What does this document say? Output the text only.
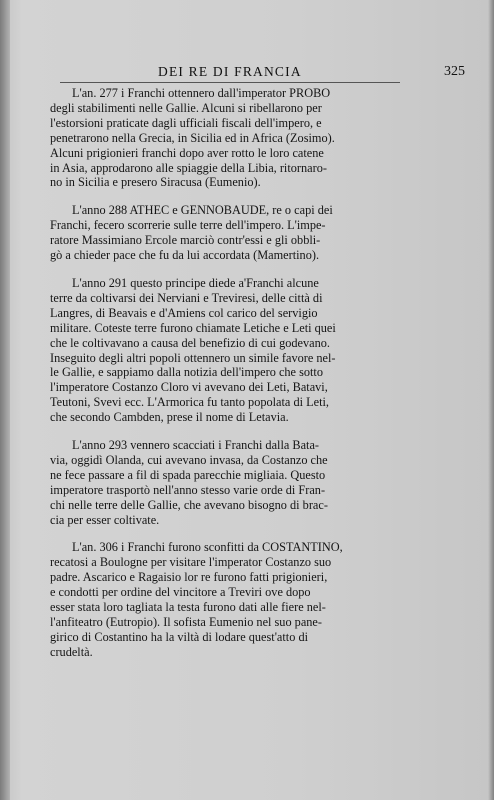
DEI RE DI FRANCIA	325
L'an. 277 i Franchi ottennero dall'imperator PROBO
degli stabilimenti nelle Gallie. Alcuni si ribellarono per
l'estorsioni praticate dagli ufficiali fiscali dell'impero, e
penetrarono nella Grecia, in Sicilia ed in Africa (Zosimo).
Alcuni prigionieri franchi dopo aver rotto le loro catene
in Asia, approdarono alle spiaggie della Libia, ritornaro-
no in Sicilia e presero Siracusa (Eumenio).
L'anno 288 ATHEC e GENNOBAUDE, re o capi dei
Franchi, fecero scorrerie sulle terre dell'impero. L'impe-
ratore Massimiano Ercole marciò contr'essi e gli obbli-
gò a chieder pace che fu da lui accordata (Mamertino).
L'anno 291 questo principe diede a'Franchi alcune
terre da coltivarsi dei Nerviani e Treviresi, delle città di
Langres, di Beavais e d'Amiens col carico del servigio
militare. Coteste terre furono chiamate Letiche e Leti quei
che le coltivavano a causa del benefizio di cui godevano.
Inseguito degli altri popoli ottennero un simile favore nel-
le Gallie, e sappiamo dalla notizia dell'impero che sotto
l'imperatore Costanzo Cloro vi avevano dei Leti, Batavi,
Teutoni, Svevi ecc. L'Armorica fu tanto popolata di Leti,
che secondo Cambden, prese il nome di Letavia.
L'anno 293 vennero scacciati i Franchi dalla Bata-
via, oggidì Olanda, cui avevano invasa, da Costanzo che
ne fece passare a fil di spada parecchie migliaia. Questo
imperatore trasportò nell'anno stesso varie orde di Fran-
chi nelle terre delle Gallie, che avevano bisogno di brac-
cia per esser coltivate.
L'an. 306 i Franchi furono sconfitti da COSTANTINO,
recatosi a Boulogne per visitare l'imperator Costanzo suo
padre. Ascarico e Ragaisio lor re furono fatti prigionieri,
e condotti per ordine del vincitore a Treviri ove dopo
esser stata loro tagliata la testa furono dati alle fiere nel-
l'anfiteatro (Eutropio). Il sofista Eumenio nel suo pane-
girico di Costantino ha la viltà di lodare quest'atto di
crudeltà.
